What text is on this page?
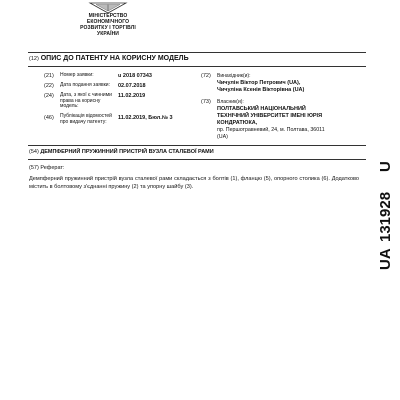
МІНІСТЕРСТВО
ЕКОНОМІЧНОГО
РОЗВИТКУ І ТОРГІВЛІ
УКРАЇНИ
(12) ОПИС ДО ПАТЕНТУ НА КОРИСНУ МОДЕЛЬ
(21) Номер заявки:	u 2018 07343
(22) Дата подання заявки:	02.07.2018
(24) Дата, з якої є чинними права на корисну модель:
11.02.2019
(46) Публікація відомостей про видачу патенту:
11.02.2019, Бюл.№ 3
(72) Винахідник(и):
Чичулін Віктор Петрович (UA),
Чичуліна Ксенія Вікторівна (UA)
(73) Власник(и):
ПОЛТАВСЬКИЙ НАЦІОНАЛЬНИЙ
ТЕХНІЧНИЙ УНІВЕРСИТЕТ ІМЕНІ ЮРІЯ
КОНДРАТЮКА,
пр. Першотравневий, 24, м. Полтава, 36011
(UA)
(54) ДЕМПФЕРНИЙ ПРУЖИННИЙ ПРИСТРІЙ ВУЗЛА СТАЛЕВОЇ РАМИ
(57) Реферат:
Демпферний пружинний пристрій вузла сталевої рами складається з болтів (1), фланцю (5), опорного столика (6). Додатково містить в болтовому з'єднанні пружину (2) та упорну шайбу (3).
UA
131928
U
